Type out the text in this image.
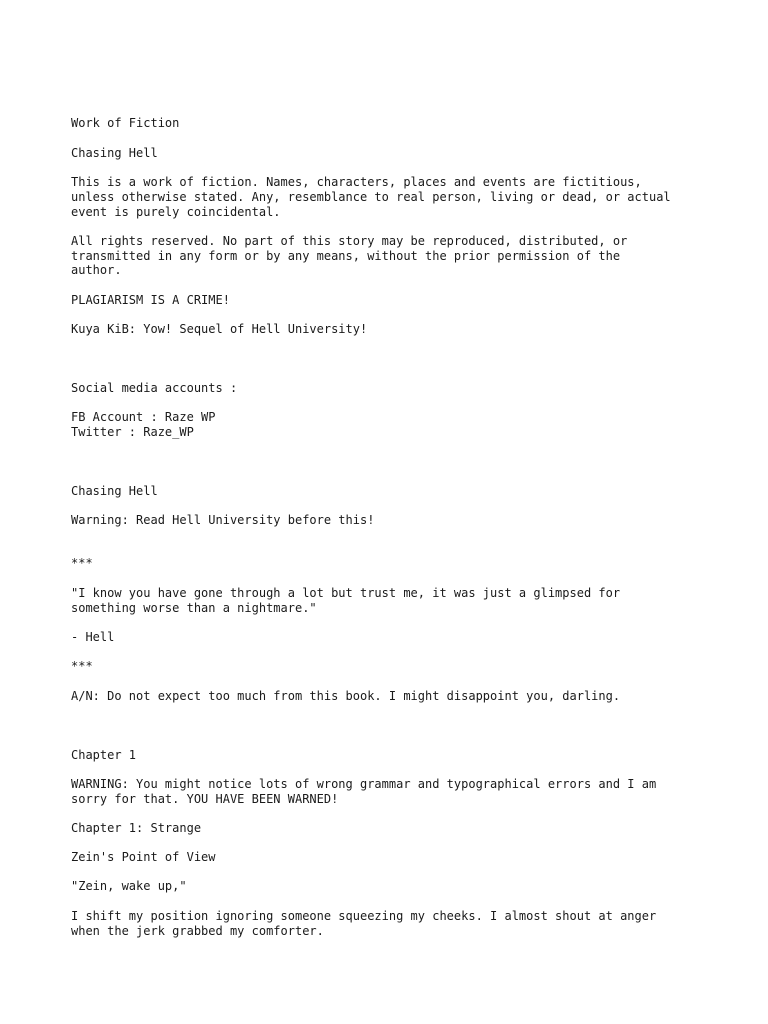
Work of Fiction

Chasing Hell

This is a work of fiction. Names, characters, places and events are fictitious,

unless otherwise stated. Any, resemblance to real person, living or dead, or actual

event is purely coincidental.

All rights reserved. No part of this story may be reproduced, distributed, or

transmitted in any form or by any means, without the prior permission of the

author.

PLAGIARISM IS A CRIME!

Kuya KiB: Yow! Sequel of Hell University!

Social media accounts :

FB Account : Raze WP

Twitter : Raze_WP

Chasing Hell

Warning: Read Hell University before this!

***

"I know you have gone through a lot but trust me, it was just a glimpsed for

something worse than a nightmare."

- Hell

***

A/N: Do not expect too much from this book. I might disappoint you, darling.

Chapter 1

WARNING: You might notice lots of wrong grammar and typographical errors and I am

sorry for that. YOU HAVE BEEN WARNED!

Chapter 1: Strange

Zein's Point of View

"Zein, wake up,"

I shift my position ignoring someone squeezing my cheeks. I almost shout at anger

when the jerk grabbed my comforter.
